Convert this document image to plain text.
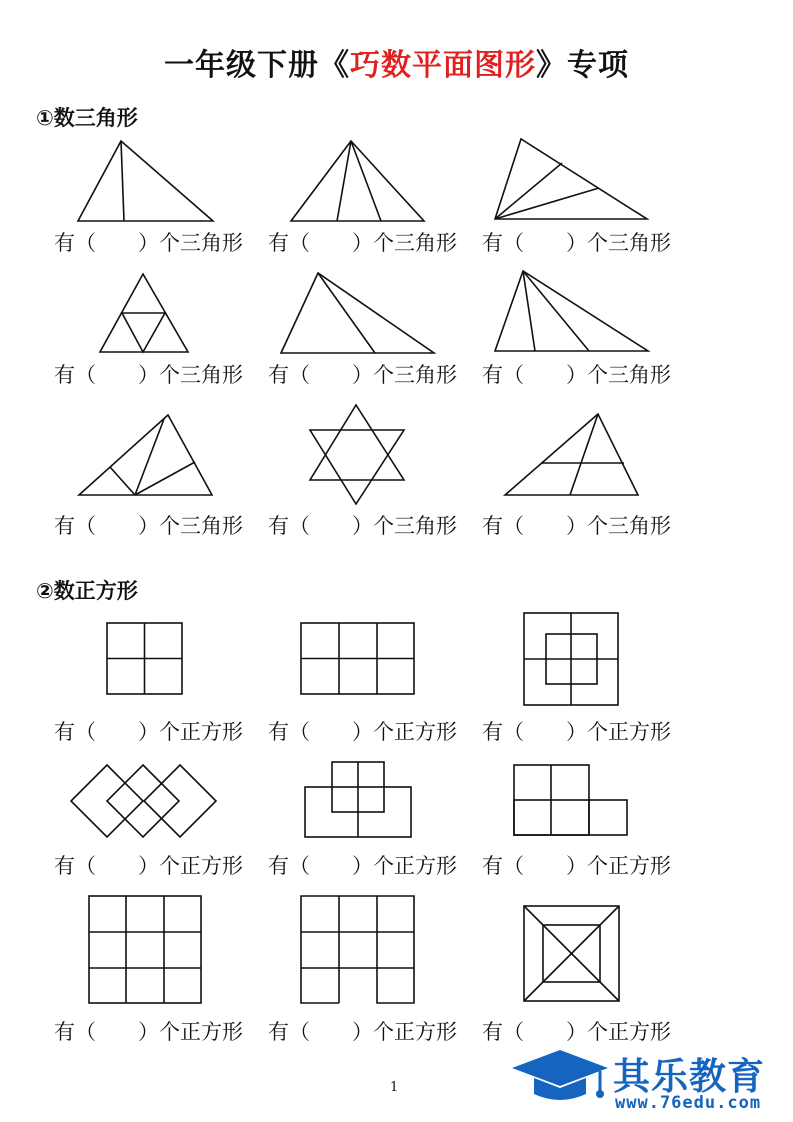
一年级下册《巧数平面图形》专项
①数三角形
②数正方形
有（　　）个三角形 有（　　）个三角形 有（　　）个三角形
有（　　）个三角形 有（　　）个三角形 有（　　）个三角形
有（　　）个三角形 有（　　）个三角形 有（　　）个三角形
有（　　）个正方形 有（　　）个正方形 有（　　）个正方形
有（　　）个正方形 有（　　）个正方形 有（　　）个正方形
有（　　）个正方形 有（　　）个正方形 有（　　）个正方形
1	其乐教育
www.76edu.com
